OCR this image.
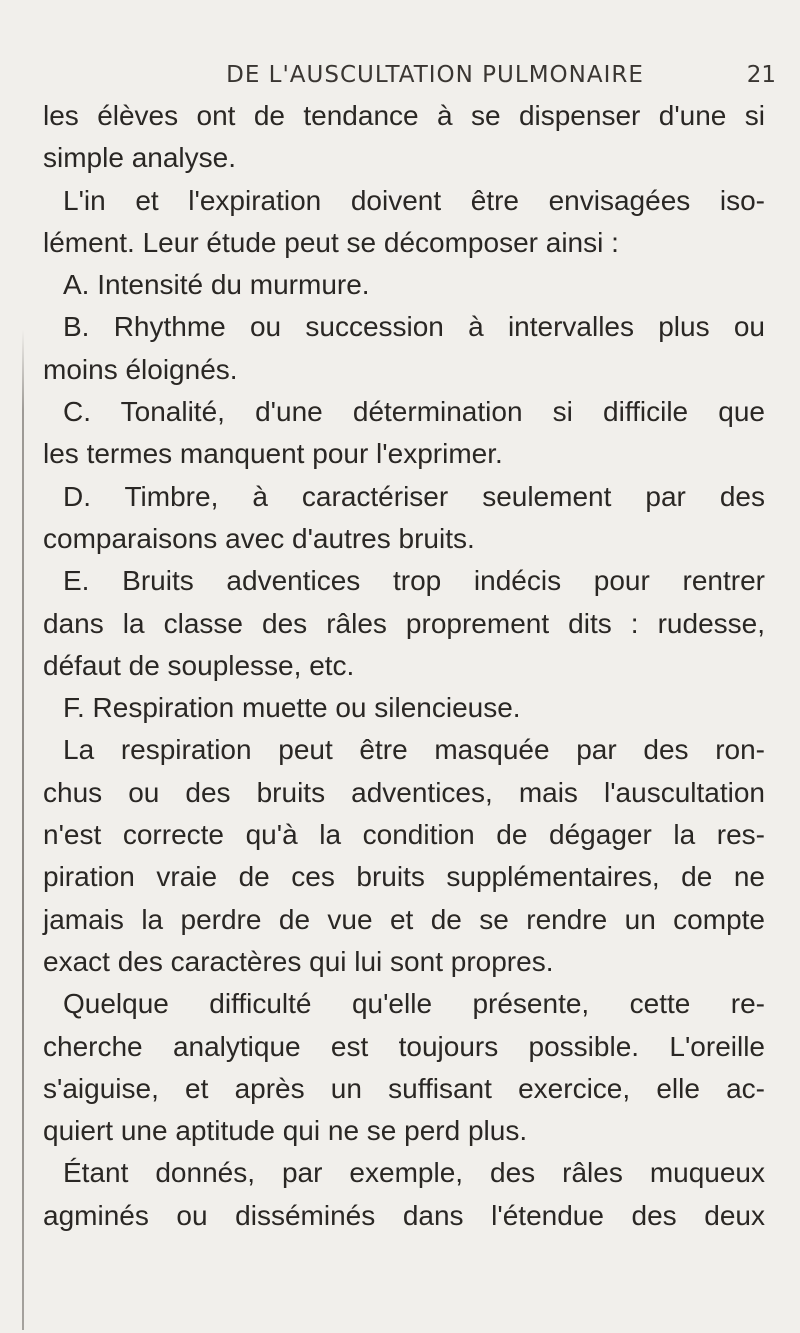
DE L'AUSCULTATION PULMONAIRE	21
les élèves ont de tendance à se dispenser d'une si
simple analyse.
L'in et l'expiration doivent être envisagées iso-
lément. Leur étude peut se décomposer ainsi :
A. Intensité du murmure.
B. Rhythme ou succession à intervalles plus ou
moins éloignés.
C. Tonalité, d'une détermination si difficile que
les termes manquent pour l'exprimer.
D. Timbre, à caractériser seulement par des
comparaisons avec d'autres bruits.
E. Bruits adventices trop indécis pour rentrer
dans la classe des râles proprement dits : rudesse,
défaut de souplesse, etc.
F. Respiration muette ou silencieuse.
La respiration peut être masquée par des ron-
chus ou des bruits adventices, mais l'auscultation
n'est correcte qu'à la condition de dégager la res-
piration vraie de ces bruits supplémentaires, de ne
jamais la perdre de vue et de se rendre un compte
exact des caractères qui lui sont propres.
Quelque difficulté qu'elle présente, cette re-
cherche analytique est toujours possible. L'oreille
s'aiguise, et après un suffisant exercice, elle ac-
quiert une aptitude qui ne se perd plus.
Étant donnés, par exemple, des râles muqueux
agminés ou disséminés dans l'étendue des deux
